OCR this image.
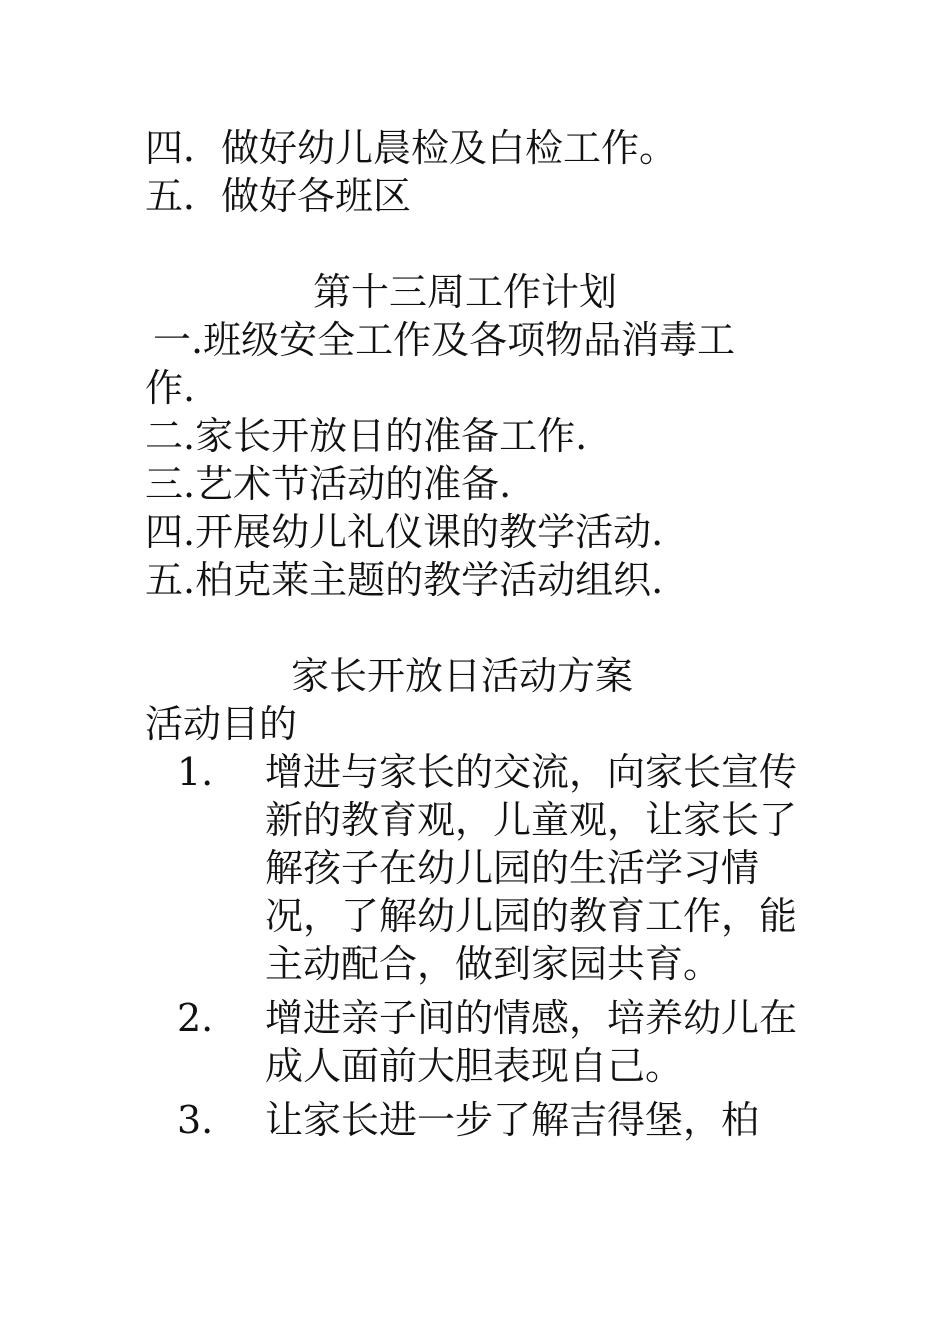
四．做好幼儿晨检及白检工作。

五．做好各班区

第十三周工作计划

一.班级安全工作及各项物品消毒工

作.

二.家长开放日的准备工作.

三.艺术节活动的准备.

四.开展幼儿礼仪课的教学活动.

五.柏克莱主题的教学活动组织.

家长开放日活动方案

活动目的

1.	增进与家长的交流，向家长宣传新的教育观，儿童观，让家长了解孩子在幼儿园的生活学习情况，了解幼儿园的教育工作，能主动配合，做到家园共育。
2.	增进亲子间的情感，培养幼儿在成人面前大胆表现自己。
3.	让家长进一步了解吉得堡，柏
